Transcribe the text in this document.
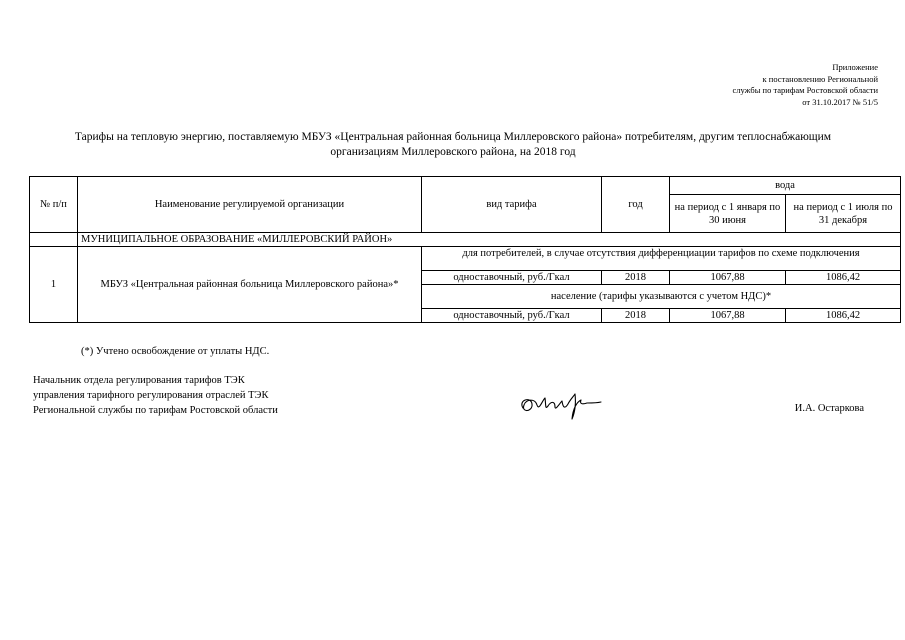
Приложение
к постановлению Региональной
службы по тарифам Ростовской области
от 31.10.2017 № 51/5
Тарифы на тепловую энергию, поставляемую МБУЗ «Центральная районная больница Миллеровского района» потребителям, другим теплоснабжающим
организациям Миллеровского района, на 2018 год
№ п/п	Наименование регулируемой организации	вид тарифа	год	вода	
				на период с 1 января по 30 июня	на период с 1 июля по 31 декабря
	МУНИЦИПАЛЬНОЕ ОБРАЗОВАНИЕ «МИЛЛЕРОВСКИЙ РАЙОН»				
1	МБУЗ «Центральная районная больница Миллеровского района»*	для потребителей, в случае отсутствия дифференциации тарифов по схеме подключения			
		одноставочный, руб./Гкал	2018	1067,88	1086,42
		население (тарифы указываются с учетом НДС)*			
		одноставочный, руб./Гкал	2018	1067,88	1086,42
(*) Учтено освобождение от уплаты НДС.
Начальник отдела регулирования тарифов ТЭК
управления тарифного регулирования отраслей ТЭК
Региональной службы по тарифам Ростовской области	И.А. Остаркова
